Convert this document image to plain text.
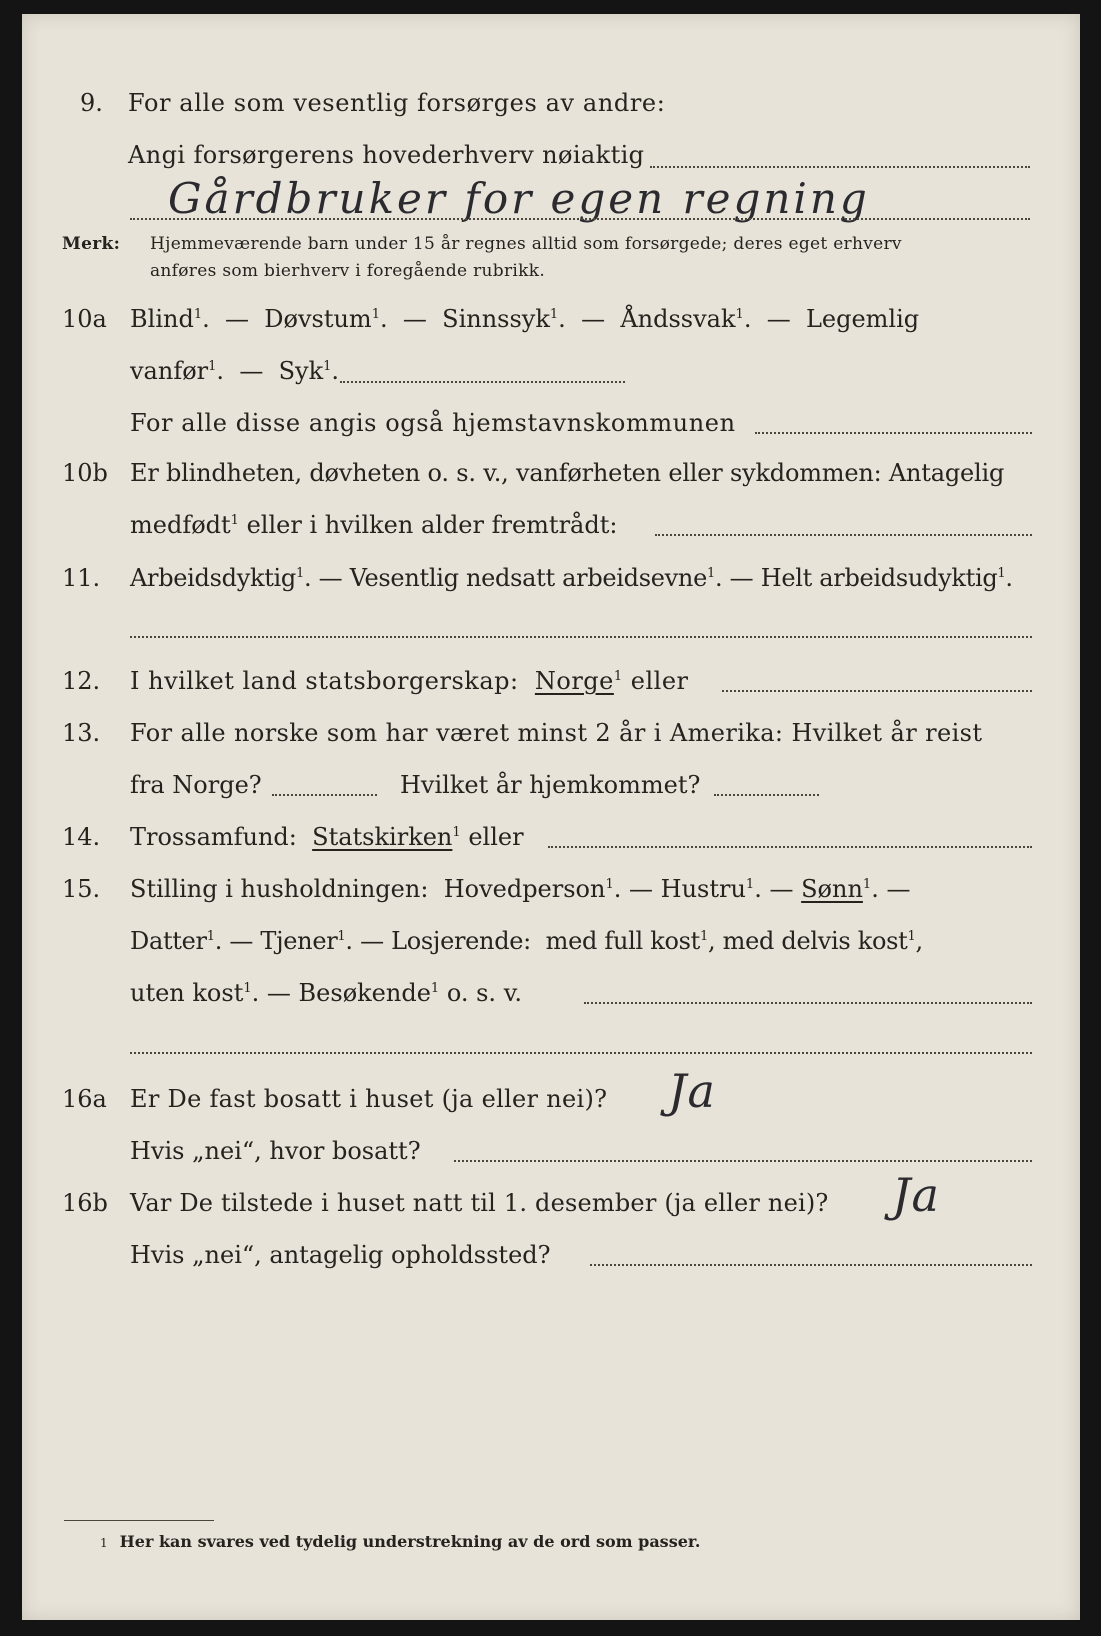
9. For alle som vesentlig forsørges av andre:
Angi forsørgerens hovederhverv nøiaktig
Gårdbruker for egen regning
Merk: Hjemmeværende barn under 15 år regnes alltid som forsørgede; deres eget erhverv
anføres som bierhverv i foregående rubrikk.
10a Blind$^1$.  — Døvstum$^1$.  — Sinnssyk$^1$.  — Åndssvak$^1$.  — Legemlig
vanfør$^1$.  — Syk$^1$.
For alle disse angis også hjemstavnskommunen
10b Er blindheten, døvheten o. s. v., vanførheten eller sykdommen: Antagelig
medfødt$^1$ eller i hvilken alder fremtrådt:
11. Arbeidsdyktig$^1$. — Vesentlig nedsatt arbeidsevne$^1$. — Helt arbeidsudyktig$^1$.
12. I hvilket land statsborgerskap: Norge$^1$ eller
13. For alle norske som har været minst 2 år i Amerika: Hvilket år reist
fra Norge?	Hvilket år hjemkommet?
14. Trossamfund: Statskirken$^1$ eller
15. Stilling i husholdningen: Hovedperson$^1$. — Hustru$^1$. — Sønn$^1$. —
Datter$^1$. — Tjener$^1$. — Losjerende: med full kost$^1$, med delvis kost$^1$,
uten kost$^1$. — Besøkende$^1$ o. s. v.
16a Er De fast bosatt i huset (ja eller nei)? Ja
Hvis „nei“, hvor bosatt?
16b Var De tilstede i huset natt til 1. desember (ja eller nei)? Ja
Hvis „nei“, antagelig opholdssted?
1 Her kan svares ved tydelig understrekning av de ord som passer.
